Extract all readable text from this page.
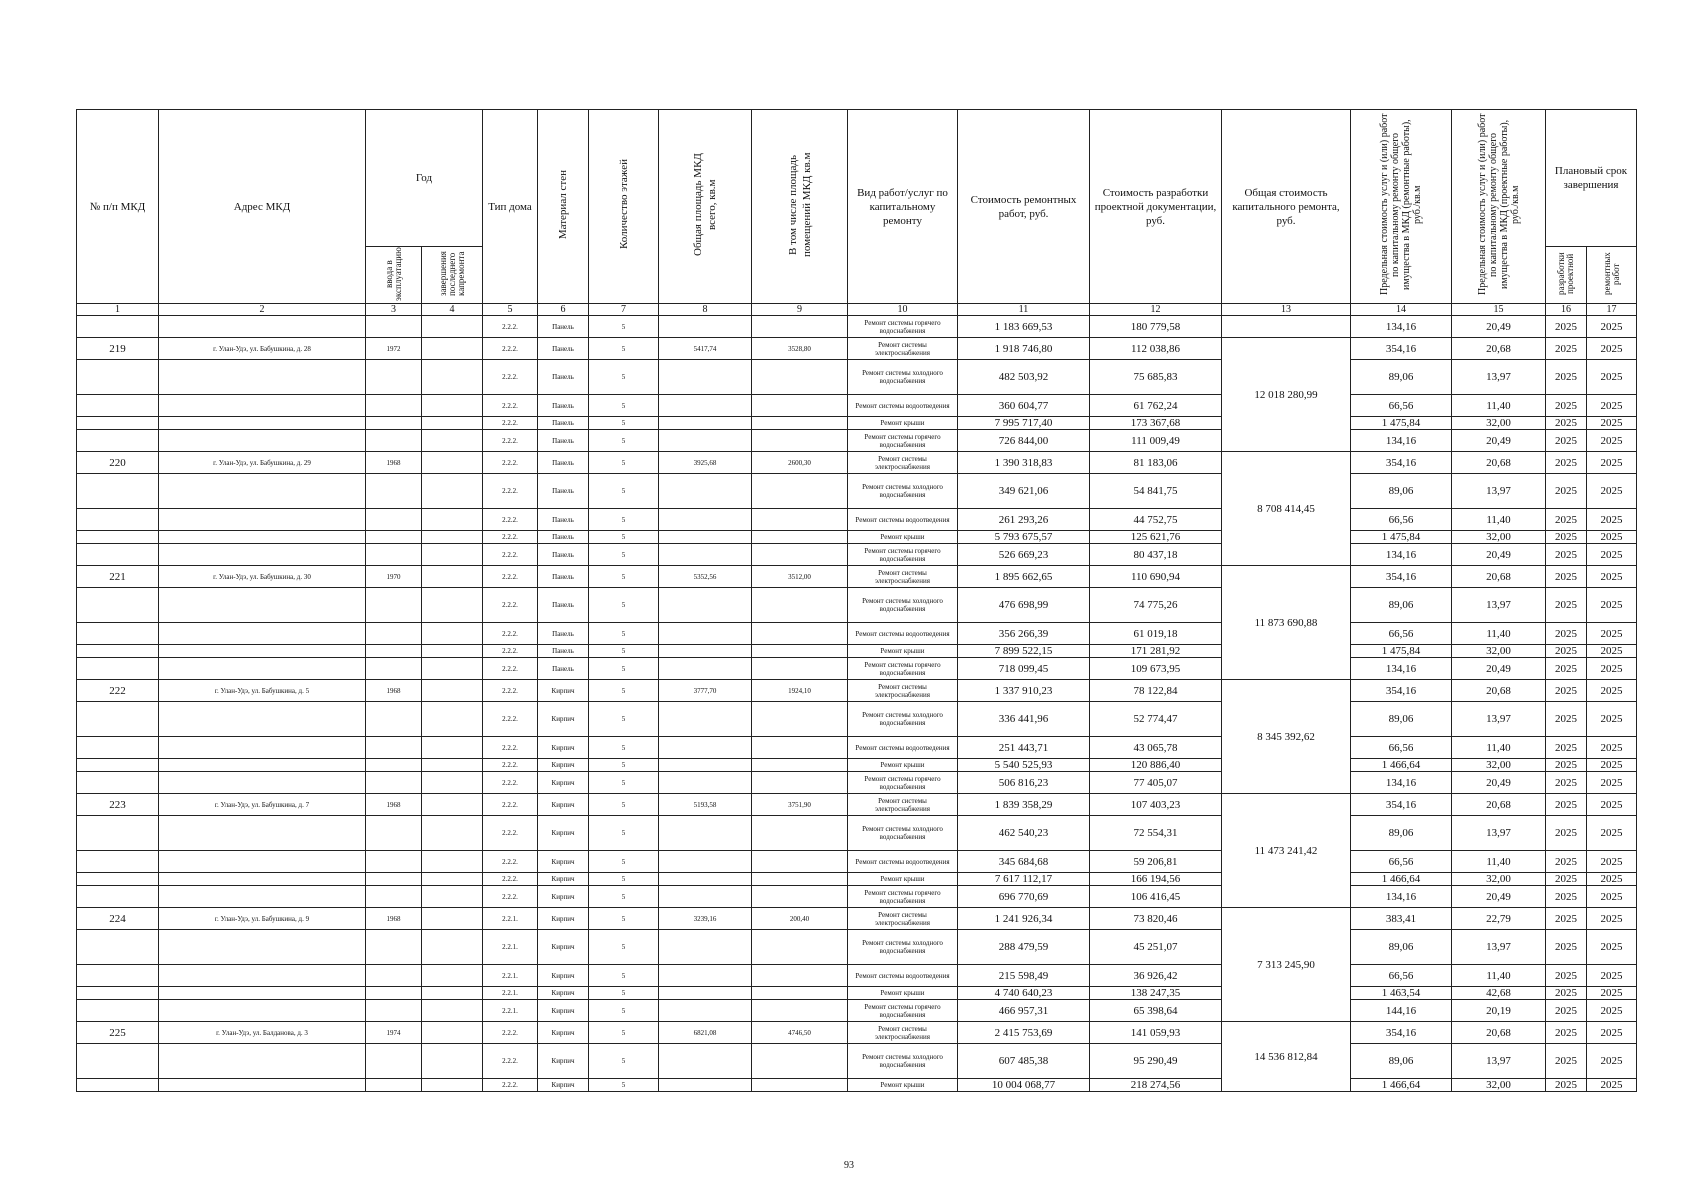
№ п/п МКД	Адрес МКД	Год		Тип дома	Материал стен	Количество этажей	Общая площадь МКД всего, кв.м	В том числе площадь помещений МКД кв.м	Вид работ/услуг по капитальному ремонту	Стоимость ремонтных работ, руб.	Стоимость разработки проектной документации, руб.	Общая стоимость капитального ремонта, руб.	Предельная стоимость услуг и (или) работ по капитальному ремонту общего имущества в МКД (ремонтные работы), руб./кв.м	Предельная стоимость услуг и (или) работ по капитальному ремонту общего имущества в МКД (проектные работы), руб./кв.м	Плановый срок завершения	
		ввода в эксплуатацию	завершения последнего капремонта												разработки проектной	ремонтных работ
1	2	3	4	5	6	7	8	9	10	11	12	13	14	15	16	17
				2.2.2.	Панель	5			Ремонт системы горячего водоснабжения	1 183 669,53	180 779,58		134,16	20,49	2025	2025
219	г. Улан-Удэ, ул. Бабушкина, д. 28	1972		2.2.2.	Панель	5	5417,74	3528,80	Ремонт системы электроснабжения	1 918 746,80	112 038,86	12 018 280,99	354,16	20,68	2025	2025
				2.2.2.	Панель	5			Ремонт системы холодного водоснабжения	482 503,92	75 685,83		89,06	13,97	2025	2025
				2.2.2.	Панель	5			Ремонт системы водоотведения	360 604,77	61 762,24		66,56	11,40	2025	2025
				2.2.2.	Панель	5			Ремонт крыши	7 995 717,40	173 367,68		1 475,84	32,00	2025	2025
				2.2.2.	Панель	5			Ремонт системы горячего водоснабжения	726 844,00	111 009,49		134,16	20,49	2025	2025
220	г. Улан-Удэ, ул. Бабушкина, д. 29	1968		2.2.2.	Панель	5	3925,68	2600,30	Ремонт системы электроснабжения	1 390 318,83	81 183,06	8 708 414,45	354,16	20,68	2025	2025
				2.2.2.	Панель	5			Ремонт системы холодного водоснабжения	349 621,06	54 841,75		89,06	13,97	2025	2025
				2.2.2.	Панель	5			Ремонт системы водоотведения	261 293,26	44 752,75		66,56	11,40	2025	2025
				2.2.2.	Панель	5			Ремонт крыши	5 793 675,57	125 621,76		1 475,84	32,00	2025	2025
				2.2.2.	Панель	5			Ремонт системы горячего водоснабжения	526 669,23	80 437,18		134,16	20,49	2025	2025
221	г. Улан-Удэ, ул. Бабушкина, д. 30	1970		2.2.2.	Панель	5	5352,56	3512,00	Ремонт системы электроснабжения	1 895 662,65	110 690,94	11 873 690,88	354,16	20,68	2025	2025
				2.2.2.	Панель	5			Ремонт системы холодного водоснабжения	476 698,99	74 775,26		89,06	13,97	2025	2025
				2.2.2.	Панель	5			Ремонт системы водоотведения	356 266,39	61 019,18		66,56	11,40	2025	2025
				2.2.2.	Панель	5			Ремонт крыши	7 899 522,15	171 281,92		1 475,84	32,00	2025	2025
				2.2.2.	Панель	5			Ремонт системы горячего водоснабжения	718 099,45	109 673,95		134,16	20,49	2025	2025
222	г. Улан-Удэ, ул. Бабушкина, д. 5	1968		2.2.2.	Кирпич	5	3777,70	1924,10	Ремонт системы электроснабжения	1 337 910,23	78 122,84	8 345 392,62	354,16	20,68	2025	2025
				2.2.2.	Кирпич	5			Ремонт системы холодного водоснабжения	336 441,96	52 774,47		89,06	13,97	2025	2025
				2.2.2.	Кирпич	5			Ремонт системы водоотведения	251 443,71	43 065,78		66,56	11,40	2025	2025
				2.2.2.	Кирпич	5			Ремонт крыши	5 540 525,93	120 886,40		1 466,64	32,00	2025	2025
				2.2.2.	Кирпич	5			Ремонт системы горячего водоснабжения	506 816,23	77 405,07		134,16	20,49	2025	2025
223	г. Улан-Удэ, ул. Бабушкина, д. 7	1968		2.2.2.	Кирпич	5	5193,58	3751,90	Ремонт системы электроснабжения	1 839 358,29	107 403,23	11 473 241,42	354,16	20,68	2025	2025
				2.2.2.	Кирпич	5			Ремонт системы холодного водоснабжения	462 540,23	72 554,31		89,06	13,97	2025	2025
				2.2.2.	Кирпич	5			Ремонт системы водоотведения	345 684,68	59 206,81		66,56	11,40	2025	2025
				2.2.2.	Кирпич	5			Ремонт крыши	7 617 112,17	166 194,56		1 466,64	32,00	2025	2025
				2.2.2.	Кирпич	5			Ремонт системы горячего водоснабжения	696 770,69	106 416,45		134,16	20,49	2025	2025
224	г. Улан-Удэ, ул. Бабушкина, д. 9	1968		2.2.1.	Кирпич	5	3239,16	200,40	Ремонт системы электроснабжения	1 241 926,34	73 820,46	7 313 245,90	383,41	22,79	2025	2025
				2.2.1.	Кирпич	5			Ремонт системы холодного водоснабжения	288 479,59	45 251,07		89,06	13,97	2025	2025
				2.2.1.	Кирпич	5			Ремонт системы водоотведения	215 598,49	36 926,42		66,56	11,40	2025	2025
				2.2.1.	Кирпич	5			Ремонт крыши	4 740 640,23	138 247,35		1 463,54	42,68	2025	2025
				2.2.1.	Кирпич	5			Ремонт системы горячего водоснабжения	466 957,31	65 398,64		144,16	20,19	2025	2025
225	г. Улан-Удэ, ул. Балданова, д. 3	1974		2.2.2.	Кирпич	5	6821,08	4746,50	Ремонт системы электроснабжения	2 415 753,69	141 059,93	14 536 812,84	354,16	20,68	2025	2025
				2.2.2.	Кирпич	5			Ремонт системы холодного водоснабжения	607 485,38	95 290,49		89,06	13,97	2025	2025
				2.2.2.	Кирпич	5			Ремонт крыши	10 004 068,77	218 274,56		1 466,64	32,00	2025	2025
93
